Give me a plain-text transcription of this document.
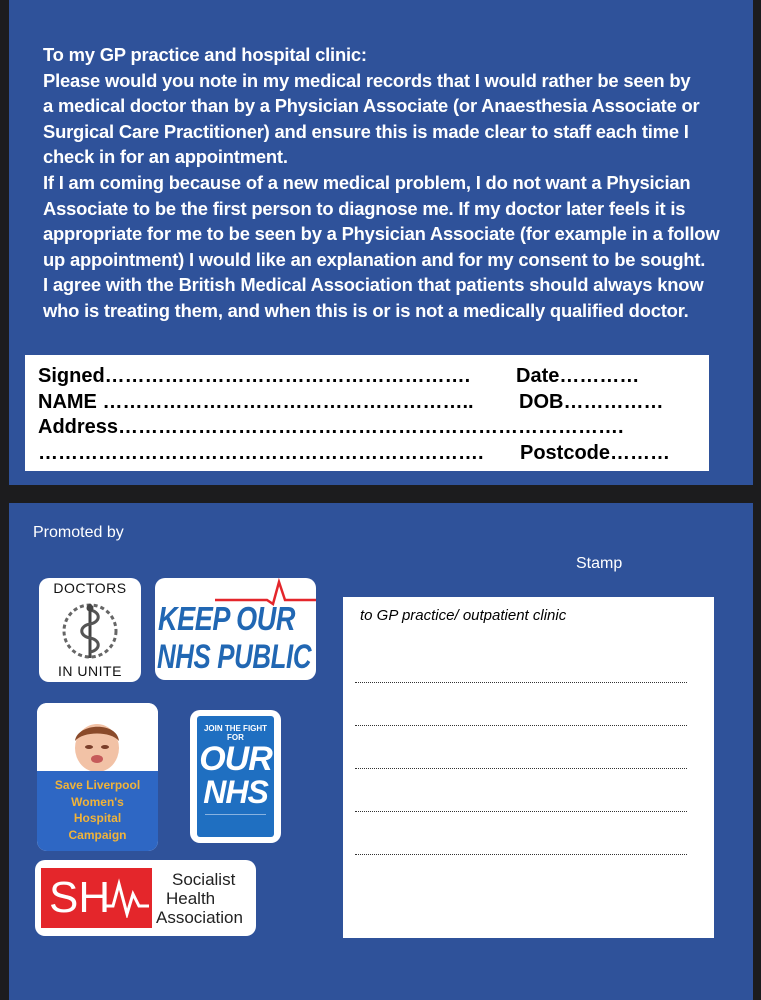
To my GP practice and hospital clinic:
Please would you note in my medical records that I would rather be seen by
a medical doctor than by a Physician Associate (or Anaesthesia Associate or
Surgical Care Practitioner) and ensure this is made clear to staff each time I
check in for an appointment.
If I am coming because of a new medical problem, I do not want a Physician
Associate to be the first person to diagnose me. If my doctor later feels it is
appropriate for me to be seen by a Physician Associate (for example in a follow
up appointment) I would like an explanation and for my consent to be sought.
I agree with the British Medical Association that patients should always know
who is treating them, and when this is or is not a medically qualified doctor.
Signed………………………………………………. Date…………
NAME ……………………………………………….. DOB……………
Address………………………………………………………………….
…………………………………………………………. Postcode………
Promoted by
Stamp
DOCTORS
IN UNITE
KEEP OUR
NHS PUBLIC
Save Liverpool
Women's
Hospital
Campaign
JOIN THE FIGHT
FOR
OUR
NHS
SH	Socialist
Health
Association
to GP practice/ outpatient clinic
